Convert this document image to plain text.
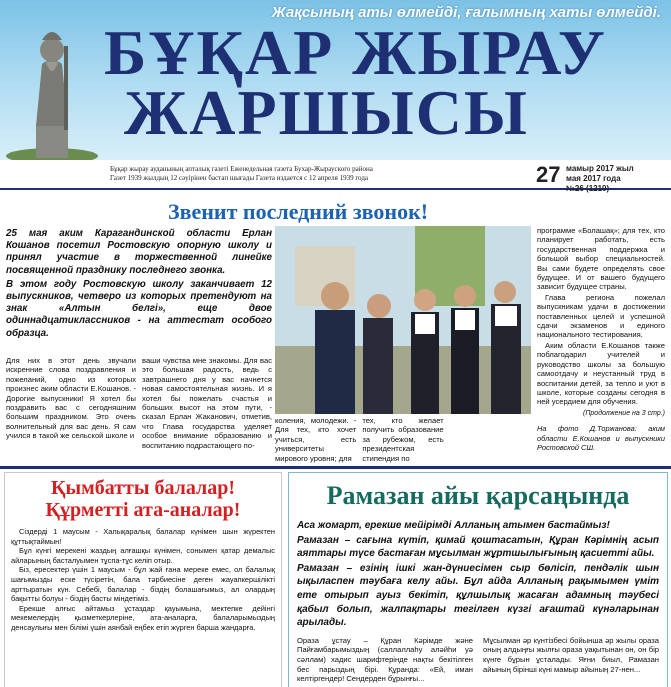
Жақсының аты өлмейді, ғалымның хаты өлмейді.
БҰҚАР ЖЫРАУ
ЖАРШЫСЫ
Бұқар жырау ауданының апталық газеті Еженедельная газета Бухар-Жырауского района
Газет 1939 жылдың 12 сәуірінен бастап шығады Газета издается с 12 апреля 1939 года	27 мамыр 2017 жыл
мая 2017 года
№26 (1210)
Звенит последний звонок!

25 мая аким Карагандинской области Ерлан Кошанов посетил Ростовскую опорную школу и принял участие в торжественной линейке посвященной празднику последнего звонка.

В этом году Ростовскую школу заканчивает 12 выпускников, четверо из которых претендуют на знак «Алтын белгі», еще двое одиннадцатиклассников - на аттестат особого образца.

программе «Болашақ»; для тех, кто планирует работать, есть государственная поддержка и большой выбор специальностей. Вы сами будете определять свое будущее. И от вашего будущего зависит будущее страны.

Глава региона пожелал выпускникам удачи в достижении поставленных целей и успешной сдачи экзаменов и единого национального тестирования.

Аким области Е.Кошанов также поблагодарил учителей и руководство школы за большую самоотдачу и неустанный труд в воспитании детей, за тепло и уют в школе, которые созданы сегодня в ней усердием для обучения.

(Продолжение на 3 стр.)
На фото Д.Торжанова: аким области Е.Кошанов и выпускники Ростовской СШ.
Для них в этот день звучали искренние слова поздравления и пожеланий, одно из которых произнес аким области Е.Кошанов. - Дорогие выпускники! Я хотел бы поздравить вас с сегодняшним большим праздником. Это очень волнительный для вас день. Я сам учился в такой же сельской школе и
ваши чувства мне знакомы. Для вас это большая радость, ведь с завтрашнего дня у вас начнется новая самостоятельная жизнь. И я хотел бы пожелать счастья и больших высот на этом пути, - сказал Ерлан Жаканович, отметив, что Глава государства уделяет особое внимание образованию и воспитанию подрастающего по-
коления, молодежи. - Для тех, кто хочет учиться, есть университеты мирового уровня; для
тех, кто желает получить образование за рубежом, есть президентская стипендия по
Қымбатты балалар!
Құрметті ата-аналар!

Сіздерді 1 маусым - Халықаралық балалар күнімен шын жүректен құттықтаймын!

Бұл күнгі мерекені жаздың алғашқы күнімен, сонымен қатар демалыс айларының басталуымен тұспа-тұс келіп отыр.

Біз, ересектер үшін 1 маусым - бұл жай ғана мереке емес, ол балалық шағымызды еске түсіретін, бала тәрбиесіне деген жауапкершілікті арттыратын күн. Себебі, балалар - біздің болашағымыз, ал олардың бақытты болуы - біздің басты міндетіміз.

Ерекше алғыс айтамыз ұстаздар қауымына, мектепке дейінгі мекемелердің қызметкерлеріне, ата-аналарға, балаларымыздың денсаулығы мен білімі үшін аянбай еңбек етіп жүрген барша жандарға.

Рамазан айы қарсаңында

Аса жомарт, ерекше мейірімді Алланың атымен бастаймыз!

Рамазан – сағына күтіп, қимай қоштасатын, Құран Кәрімнің асып аяттары түсе бастаған мұсылман жұртшылығының қасиетті айы.

Рамазан – езінің ішкі жан-дүниесімен сыр бөлісіп, пендәлік шын ықыласпен тәубаға келу айы. Бұл айда Алланың рақымымен үміт ете отырып ауыз бекітіп, құлшылық жасаған адамның тәубесі қабыл болып, жалпақтары тегілген күзгі ағаштай күнәларынан арылады.

Ораза ұстау – Құран Кәрімде және Пайғамбарымыздың (саллаллаһу аләйһи уә сәллам) хадис шарифтерінде нақты бекітілген бес парыздың бірі. Құранда: «Ей, иман келтіргендер! Сендерден бұрынғы...
Мұсылман әр күнтізбесі бойынша әр жылы ораза оның алдыңғы жылғы ораза уақытынан он, он бір күнге бұрын ұсталады. Яғни биыл, Рамазан айының бірінші күні мамыр айының 27-нен...
